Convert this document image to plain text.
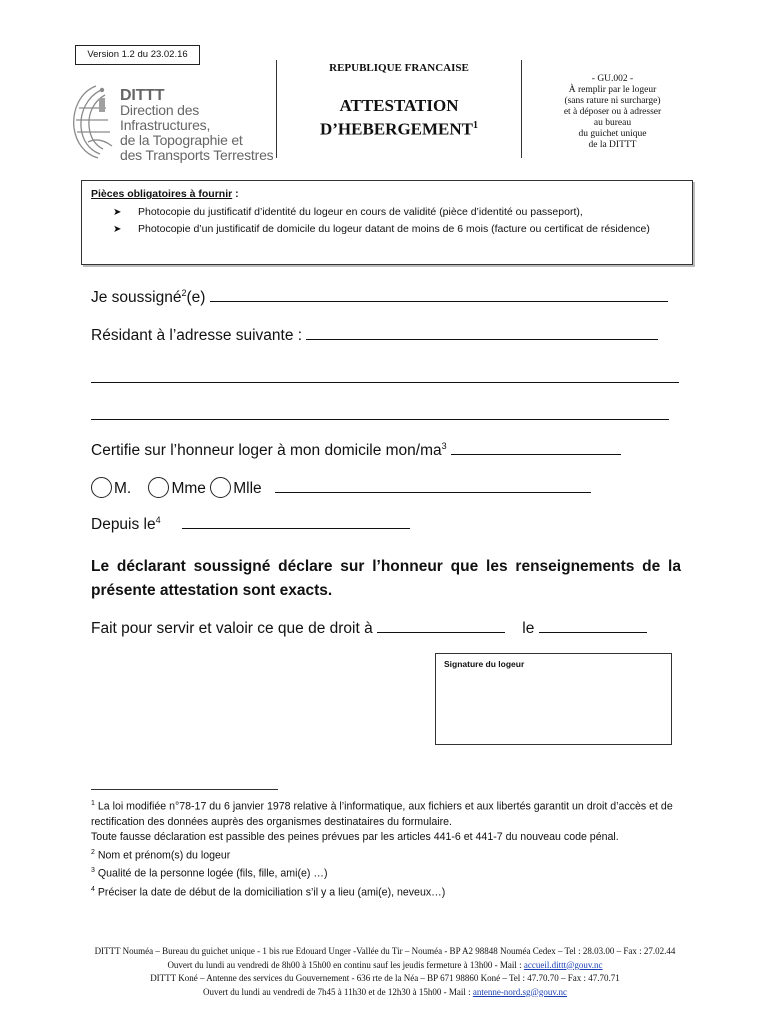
Version 1.2 du 23.02.16
DITTT
Direction des Infrastructures,
de la Topographie et
des Transports Terrestres
REPUBLIQUE FRANCAISE
ATTESTATION
D’HEBERGEMENT$^1$
- GU.002 -
À remplir par le logeur
(sans rature ni surcharge)
et à déposer ou à adresser
au bureau
du guichet unique
de la DITTT
Pièces obligatoires à fournir :
➤ Photocopie du justificatif d’identité du logeur en cours de validité (pièce d’identité ou passeport),
➤ Photocopie d’un justificatif de domicile du logeur datant de moins de 6 mois (facture ou certificat de résidence)
Je soussigné$^2$(e)
Résidant à l’adresse suivante :
Certifie sur l’honneur loger à mon domicile mon/$ma^3$
M.	Mme Mlle
Depuis $le^4$
Le déclarant soussigné déclare sur l’honneur que les renseignements de la présente attestation sont exacts.
Fait pour servir et valoir ce que de droit à	le
Signature du logeur
$^1$ La loi modifiée n°78-17 du 6 janvier 1978 relative à l’informatique, aux fichiers et aux libertés garantit un droit d’accès et de rectification des données auprès des organismes destinataires du formulaire.
Toute fausse déclaration est passible des peines prévues par les articles 441-6 et 441-7 du nouveau code pénal.
$^2$ Nom et prénom(s) du logeur
$^3$ Qualité de la personne logée (fils, fille, ami(e) …)
$^4$ Préciser la date de début de la domiciliation s’il y a lieu (ami(e), neveux…)
DITTT Nouméa – Bureau du guichet unique - 1 bis rue Edouard Unger -Vallée du Tir – Nouméa - BP A2 98848 Nouméa Cedex – Tel : 28.03.00 – Fax : 27.02.44
Ouvert du lundi au vendredi de 8h00 à 15h00 en continu sauf les jeudis fermeture à 13h00 - Mail : accueil.dittt@gouv.nc
DITTT Koné – Antenne des services du Gouvernement - 636 rte de la Néa – BP 671 98860 Koné – Tel : 47.70.70 – Fax : 47.70.71
Ouvert du lundi au vendredi de 7h45 à 11h30 et de 12h30 à 15h00 - Mail : antenne-nord.sg@gouv.nc
